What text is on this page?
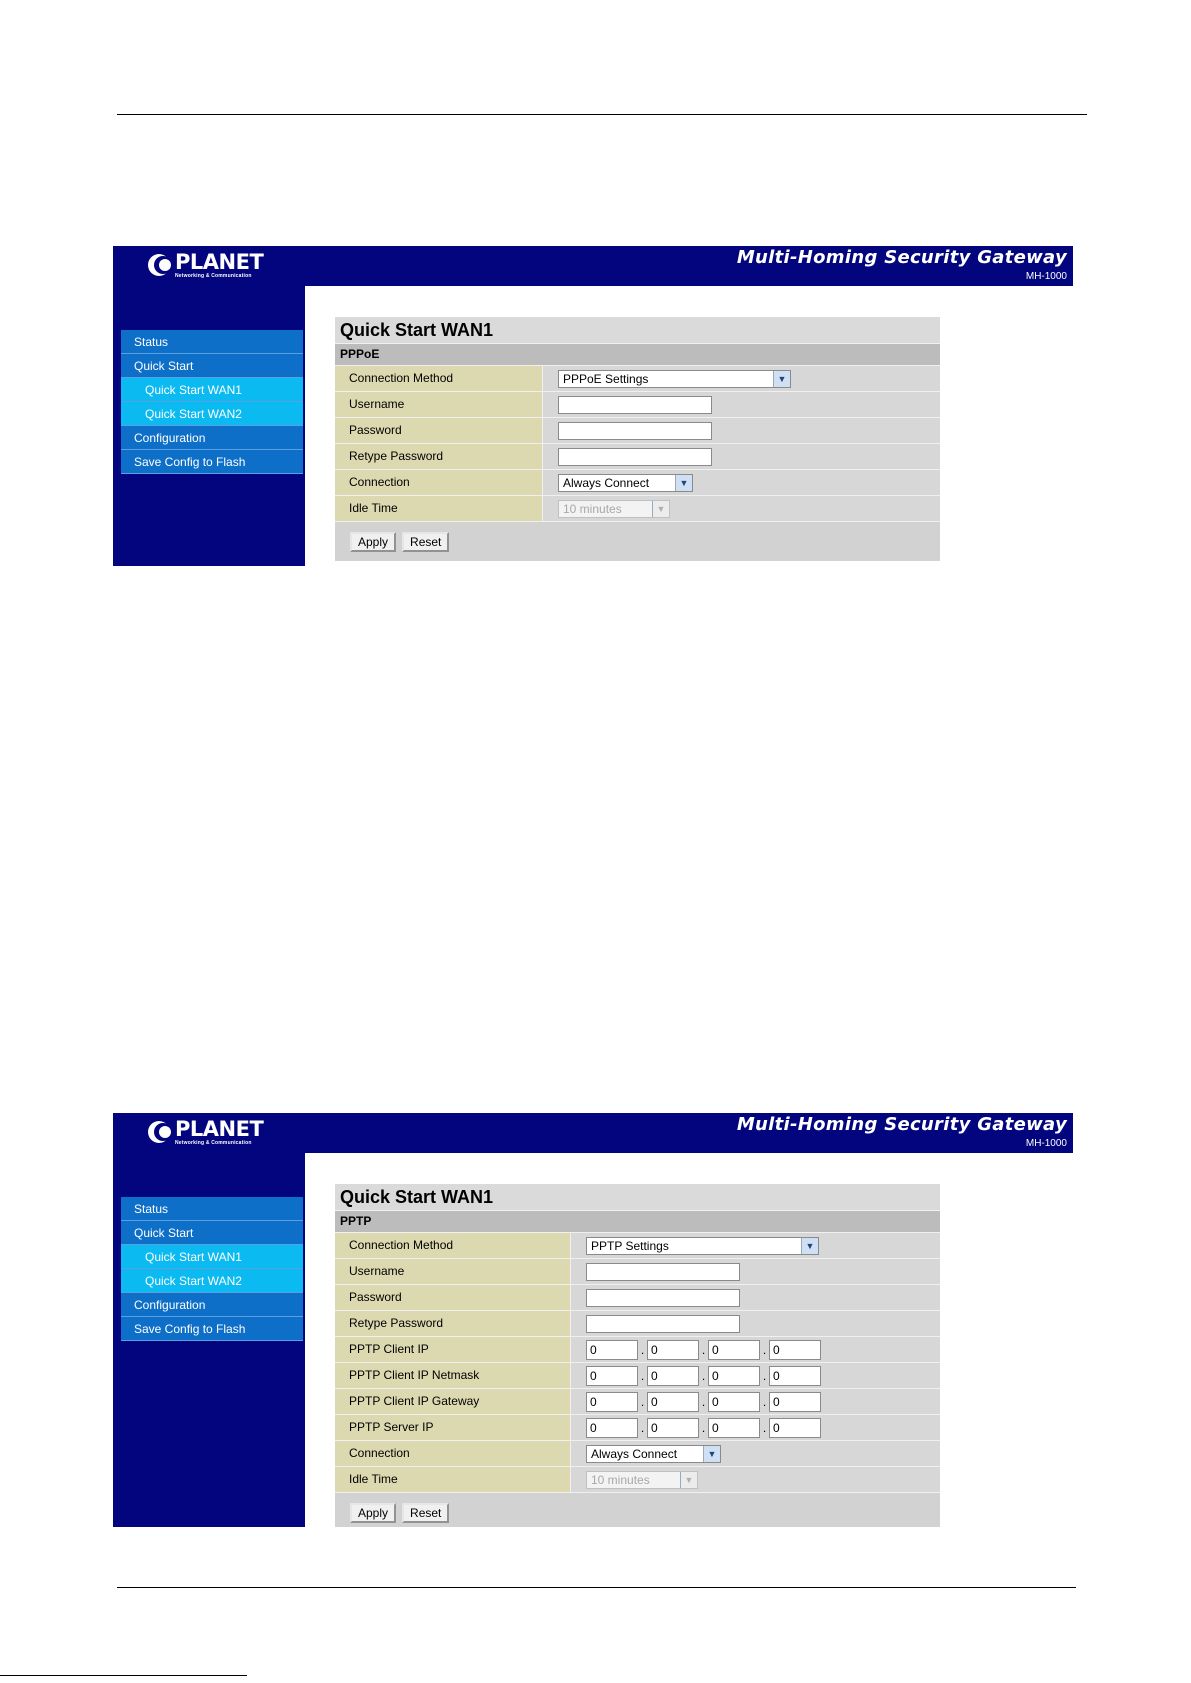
PLANET
Networking & Communication
Multi-Homing Security Gateway
MH-1000
Status
Quick Start
Quick Start WAN1
Quick Start WAN2
Configuration
Save Config to Flash
Quick Start WAN1
PPPoE
Connection Method	PPPoE Settings	▼
Username
Password
Retype Password
Connection	Always Connect	▼
Idle Time	10 minutes	▼
Apply	Reset
PLANET
Networking & Communication
Multi-Homing Security Gateway
MH-1000
Status
Quick Start
Quick Start WAN1
Quick Start WAN2
Configuration
Save Config to Flash
Quick Start WAN1
PPTP
Connection Method	PPTP Settings	▼
Username
Password
Retype Password
PPTP Client IP	0	. 0	. 0	. 0
PPTP Client IP Netmask	0	. 0	. 0	. 0
PPTP Client IP Gateway	0	. 0	. 0	. 0
PPTP Server IP	0	. 0	. 0	. 0
Connection	Always Connect	▼
Idle Time	10 minutes	▼
Apply	Reset
